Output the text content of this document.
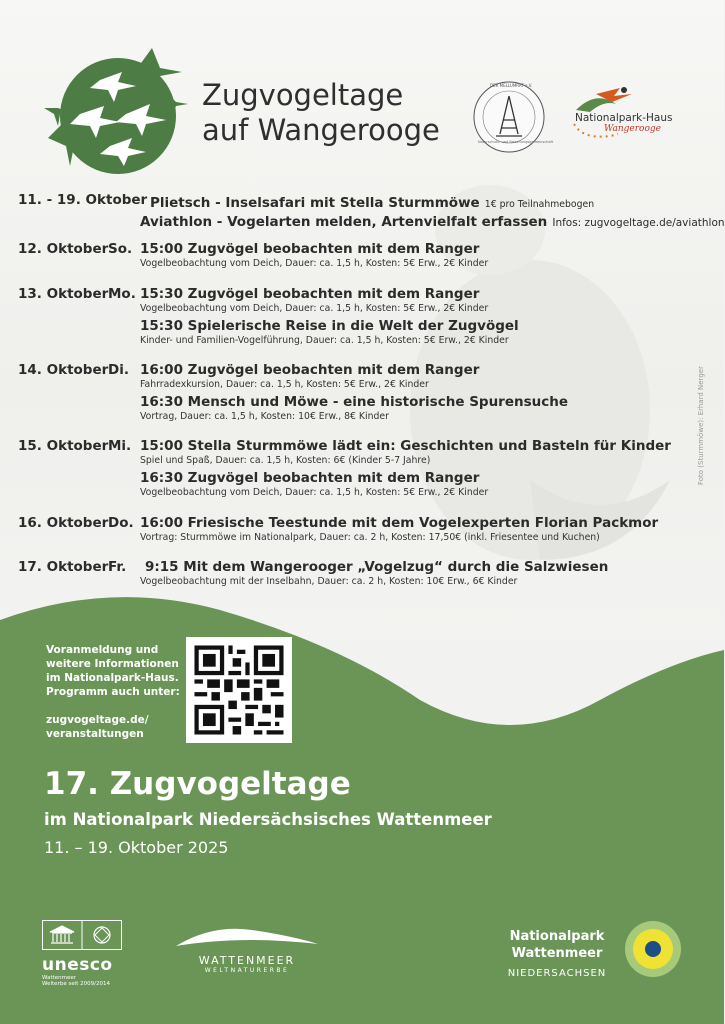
Zugvogeltage
auf Wangerooge
DER MELLUMRAT e.V.
Naturschutz- und Forschungsgemeinschaft
Nationalpark-Haus
Wangerooge
11. - 19. Oktober Plietsch - Inselsafari mit Stella Sturmmöwe 1€ pro Teilnahmebogen
Aviathlon - Vogelarten melden, Artenvielfalt erfassen Infos: zugvogeltage.de/aviathlon
12. Oktober So. 15:00 Zugvögel beobachten mit dem Ranger
Vogelbeobachtung vom Deich, Dauer: ca. 1,5 h, Kosten: 5€ Erw., 2€ Kinder
13. Oktober Mo. 15:30 Zugvögel beobachten mit dem Ranger
Vogelbeobachtung vom Deich, Dauer: ca. 1,5 h, Kosten: 5€ Erw., 2€ Kinder
15:30 Spielerische Reise in die Welt der Zugvögel
Kinder- und Familien-Vogelführung, Dauer: ca. 1,5 h, Kosten: 5€ Erw., 2€ Kinder
14. Oktober Di. 16:00 Zugvögel beobachten mit dem Ranger
Fahrradexkursion, Dauer: ca. 1,5 h, Kosten: 5€ Erw., 2€ Kinder
16:30 Mensch und Möwe - eine historische Spurensuche
Vortrag, Dauer: ca. 1,5 h, Kosten: 10€ Erw., 8€ Kinder
15. Oktober Mi. 15:00 Stella Sturmmöwe lädt ein: Geschichten und Basteln für Kinder
Spiel und Spaß, Dauer: ca. 1,5 h, Kosten: 6€ (Kinder 5-7 Jahre)
16:30 Zugvögel beobachten mit dem Ranger
Vogelbeobachtung vom Deich, Dauer: ca. 1,5 h, Kosten: 5€ Erw., 2€ Kinder
16. Oktober Do. 16:00 Friesische Teestunde mit dem Vogelexperten Florian Packmor
Vortrag: Sturmmöwe im Nationalpark, Dauer: ca. 2 h, Kosten: 17,50€ (inkl. Friesentee und Kuchen)
17. Oktober Fr. 9:15 Mit dem Wangerooger „Vogelzug“ durch die Salzwiesen
Vogelbeobachtung mit der Inselbahn, Dauer: ca. 2 h, Kosten: 10€ Erw., 6€ Kinder
Foto (Sturmmöwe): Erhard Nerger
Voranmeldung und
weitere Informationen
im Nationalpark-Haus.
Programm auch unter:
zugvogeltage.de/
veranstaltungen
17. Zugvogeltage
im Nationalpark Niedersächsisches Wattenmeer
11. – 19. Oktober 2025
unesco
Wattenmeer
Welterbe seit 2009/2014
WATTENMEER
WELTNATURERBE
Nationalpark
Wattenmeer
NIEDERSACHSEN
